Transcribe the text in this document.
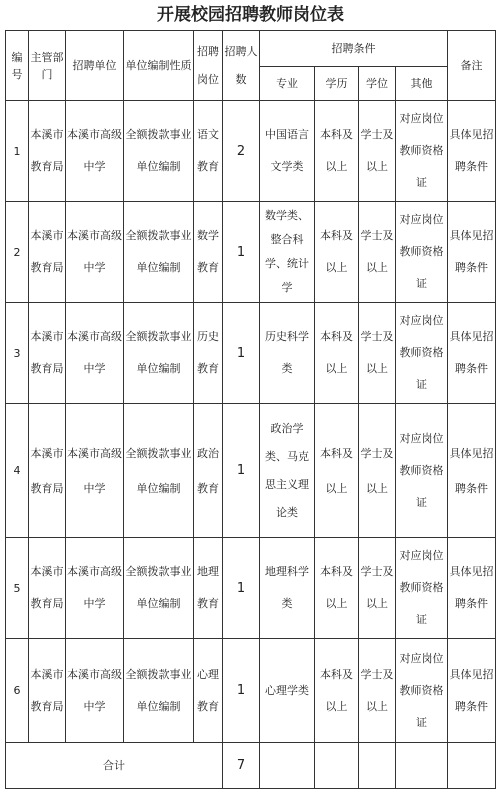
开展校园招聘教师岗位表
编号	主管部门	招聘单位	单位编制性质	招聘岗位	招聘人数	招聘条件				备注
						专业	学历	学位	其他	
1	本溪市教育局	本溪市高级中学	全额拨款事业单位编制	语文教育	2	中国语言文学类	本科及以上	学士及以上	对应岗位教师资格证	具体见招聘条件
2	本溪市教育局	本溪市高级中学	全额拨款事业单位编制	数学教育	1	数学类、整合科学、统计学	本科及以上	学士及以上	对应岗位教师资格证	具体见招聘条件
3	本溪市教育局	本溪市高级中学	全额拨款事业单位编制	历史教育	1	历史科学类	本科及以上	学士及以上	对应岗位教师资格证	具体见招聘条件
4	本溪市教育局	本溪市高级中学	全额拨款事业单位编制	政治教育	1	政治学类、马克思主义理论类	本科及以上	学士及以上	对应岗位教师资格证	具体见招聘条件
5	本溪市教育局	本溪市高级中学	全额拨款事业单位编制	地理教育	1	地理科学类	本科及以上	学士及以上	对应岗位教师资格证	具体见招聘条件
6	本溪市教育局	本溪市高级中学	全额拨款事业单位编制	心理教育	1	心理学类	本科及以上	学士及以上	对应岗位教师资格证	具体见招聘条件
合计					7					
